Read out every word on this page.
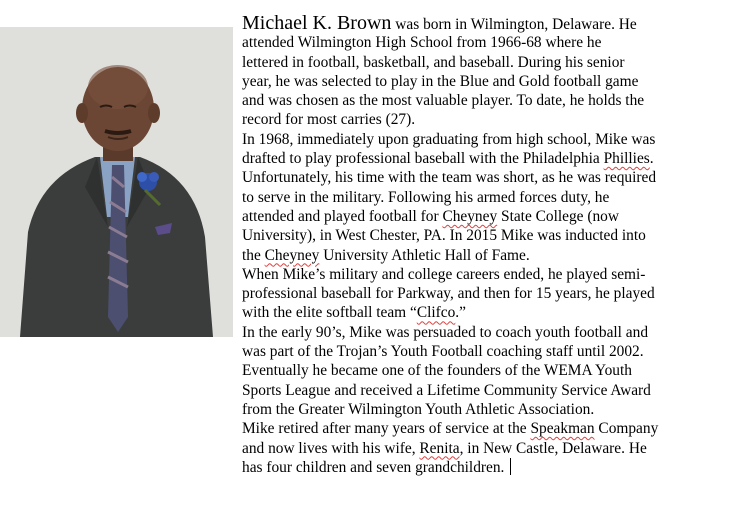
Michael K. Brown was born in Wilmington, Delaware. He
attended Wilmington High School from 1966-68 where he
lettered in football, basketball, and baseball. During his senior
year, he was selected to play in the Blue and Gold football game
and was chosen as the most valuable player. To date, he holds the
record for most carries (27).
In 1968, immediately upon graduating from high school, Mike was
drafted to play professional baseball with the Philadelphia Phillies.
Unfortunately, his time with the team was short, as he was required
to serve in the military. Following his armed forces duty, he
attended and played football for Cheyney State College (now
University), in West Chester, PA. In 2015 Mike was inducted into
the Cheyney University Athletic Hall of Fame.
When Mike’s military and college careers ended, he played semi-
professional baseball for Parkway, and then for 15 years, he played
with the elite softball team “Clifco.”
In the early 90’s, Mike was persuaded to coach youth football and
was part of the Trojan’s Youth Football coaching staff until 2002.
Eventually he became one of the founders of the WEMA Youth
Sports League and received a Lifetime Community Service Award
from the Greater Wilmington Youth Athletic Association.
Mike retired after many years of service at the Speakman Company
and now lives with his wife, Renita, in New Castle, Delaware. He
has four children and seven grandchildren.
